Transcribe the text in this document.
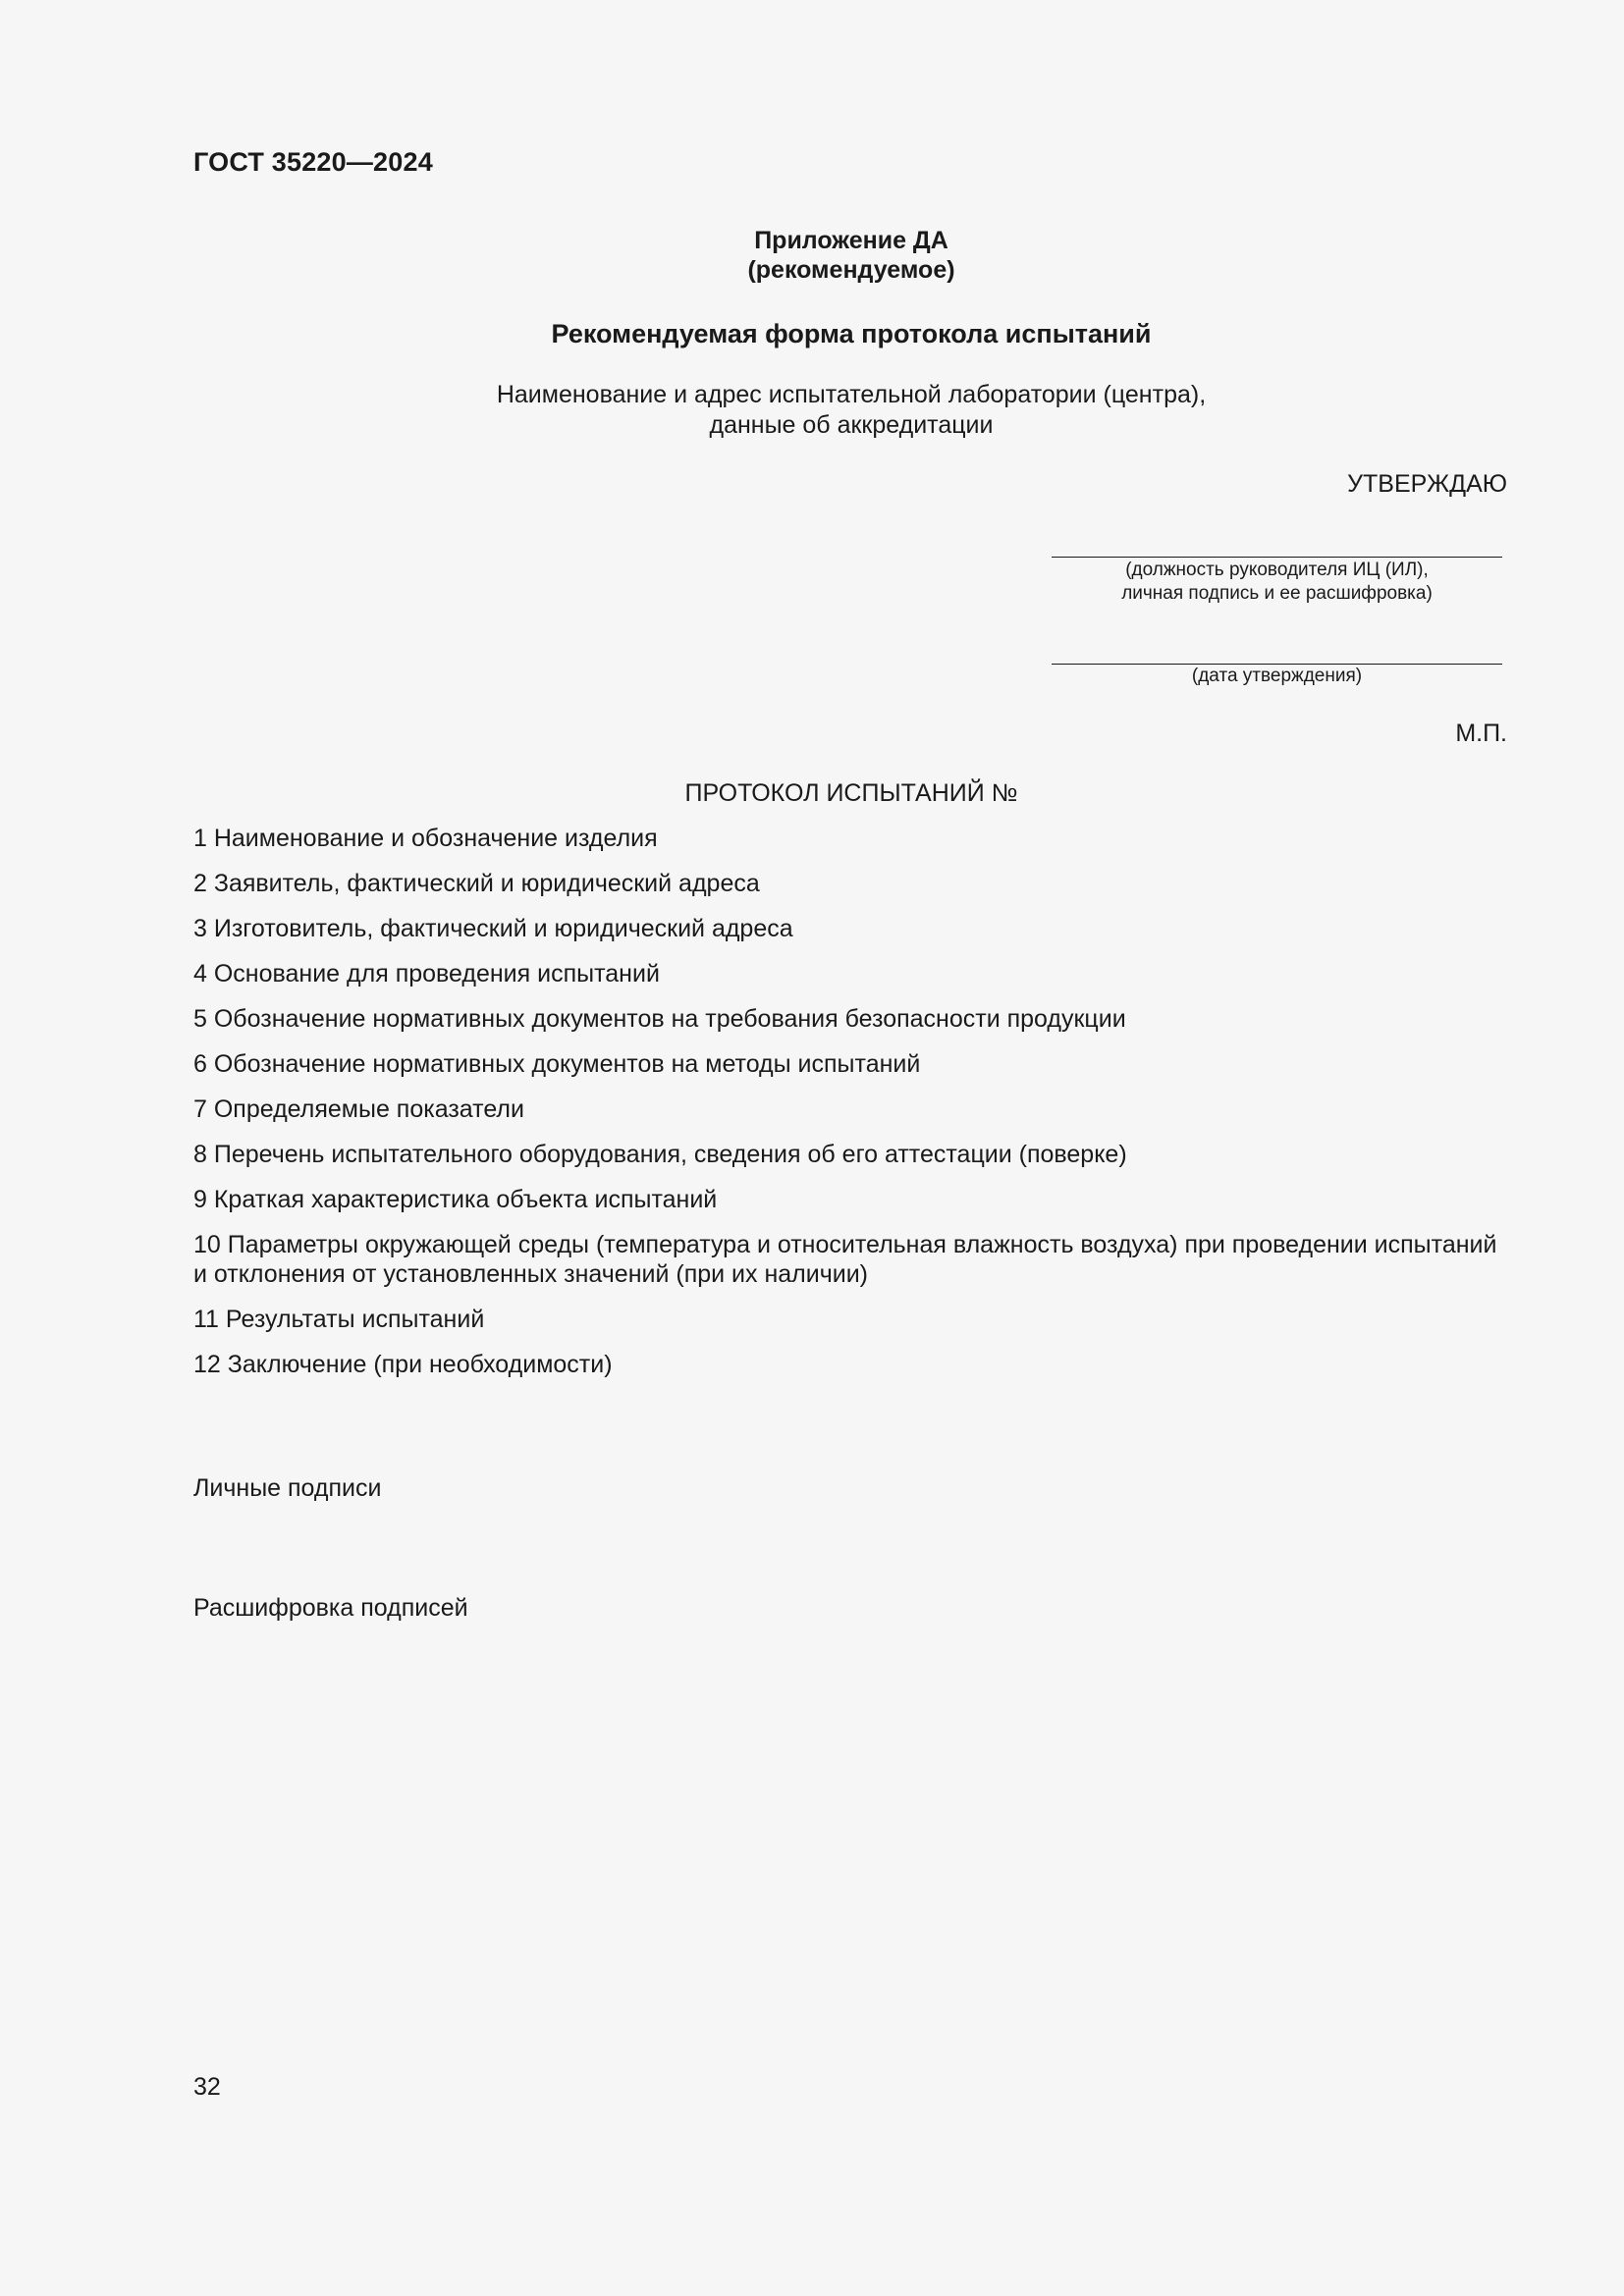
ГОСТ 35220—2024

Приложение ДА
(рекомендуемое)
Рекомендуемая форма протокола испытаний
Наименование и адрес испытательной лаборатории (центра),
данные об аккредитации

УТВЕРЖДАЮ

(должность руководителя ИЦ (ИЛ),
личная подпись и ее расшифровка)
(дата утверждения)

М.П.

ПРОТОКОЛ ИСПЫТАНИЙ №
1 Наименование и обозначение изделия
2 Заявитель, фактический и юридический адреса
3 Изготовитель, фактический и юридический адреса
4 Основание для проведения испытаний
5 Обозначение нормативных документов на требования безопасности продукции
6 Обозначение нормативных документов на методы испытаний
7 Определяемые показатели
8 Перечень испытательного оборудования, сведения об его аттестации (поверке)
9 Краткая характеристика объекта испытаний
10 Параметры окружающей среды (температура и относительная влажность воздуха) при проведении испытаний и отклонения от установленных значений (при их наличии)
11 Результаты испытаний
12 Заключение (при необходимости)

Личные подписи

Расшифровка подписей

32
